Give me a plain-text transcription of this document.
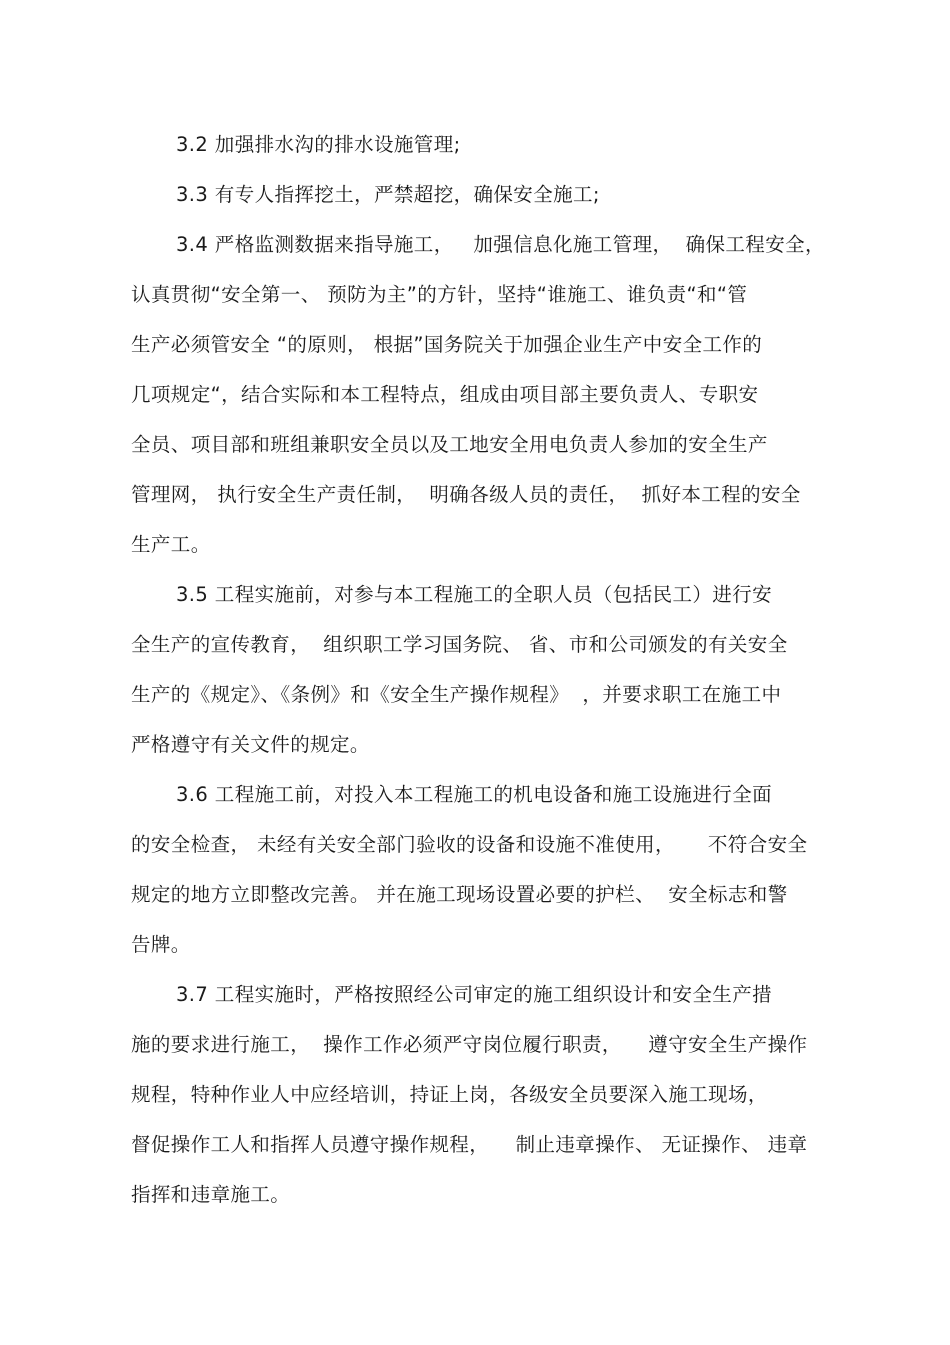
3.2 加强排水沟的排水设施管理;
3.3 有专人指挥挖土，严禁超挖，确保安全施工;
3.4 严格监测数据来指导施工，   加强信息化施工管理，  确保工程安全，
认真贯彻“安全第一、 预防为主”的方针，坚持“谁施工、谁负责“和“管
生产必须管安全 “的原则， 根据”国务院关于加强企业生产中安全工作的
几项规定“，结合实际和本工程特点，组成由项目部主要负责人、专职安
全员、项目部和班组兼职安全员以及工地安全用电负责人参加的安全生产
管理网， 执行安全生产责任制，  明确各级人员的责任，  抓好本工程的安全
生产工。
3.5 工程实施前，对参与本工程施工的全职人员（包括民工）进行安
全生产的宣传教育，  组织职工学习国务院、 省、市和公司颁发的有关安全
生产的《规定》、《条例》和《安全生产操作规程》  ，并要求职工在施工中
严格遵守有关文件的规定。
3.6 工程施工前，对投入本工程施工的机电设备和施工设施进行全面
的安全检查， 未经有关安全部门验收的设备和设施不准使用，     不符合安全
规定的地方立即整改完善。 并在施工现场设置必要的护栏、  安全标志和警
告牌。
3.7 工程实施时，严格按照经公司审定的施工组织设计和安全生产措
施的要求进行施工，  操作工作必须严守岗位履行职责，    遵守安全生产操作
规程，特种作业人中应经培训，持证上岗，各级安全员要深入施工现场，
督促操作工人和指挥人员遵守操作规程，    制止违章操作、 无证操作、 违章
指挥和违章施工。
